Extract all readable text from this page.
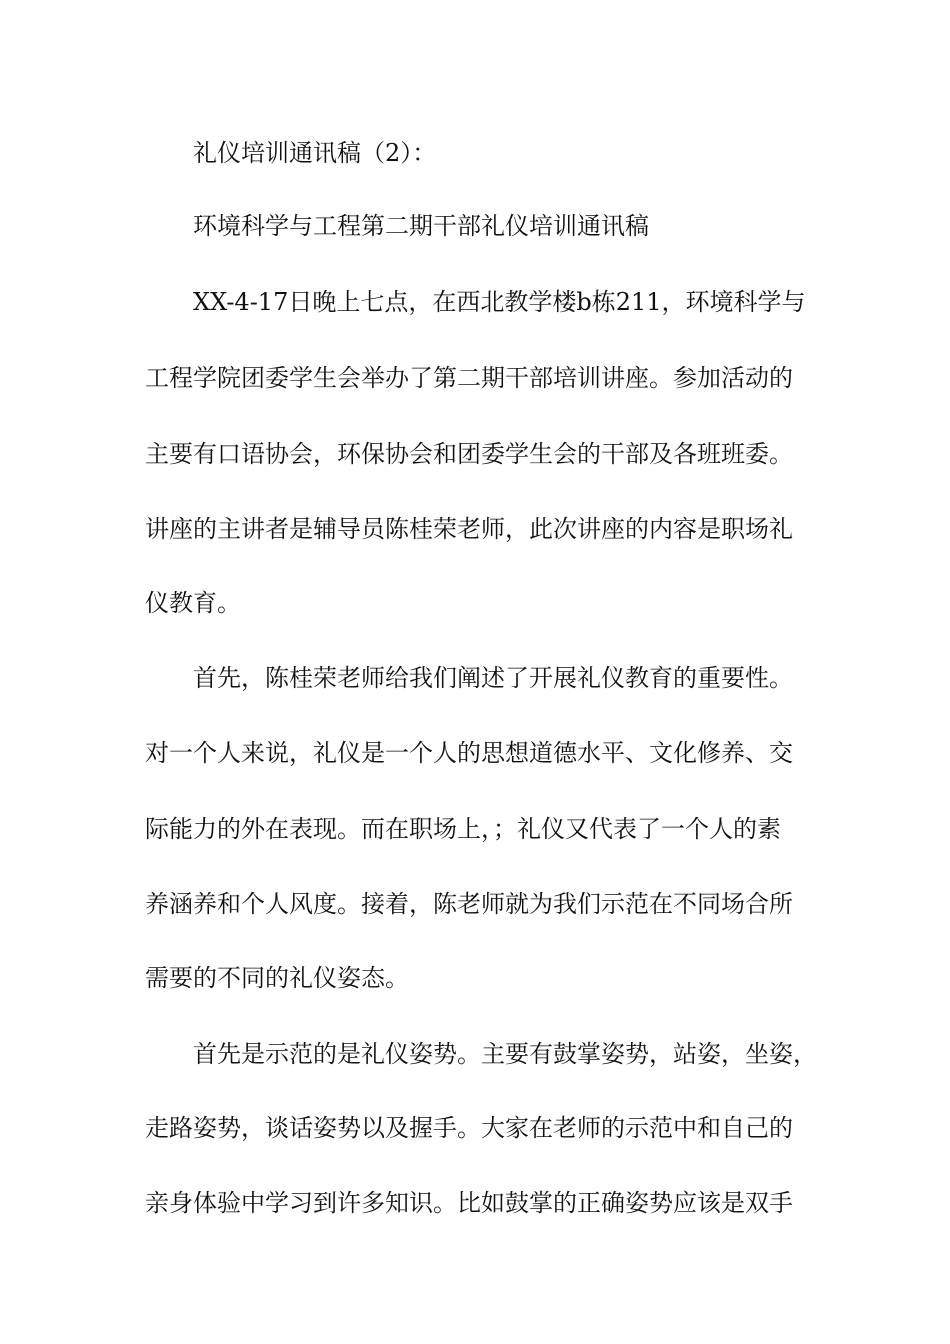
礼仪培训通讯稿（2）：
环境科学与工程第二期干部礼仪培训通讯稿
XX-4-17日晚上七点，在西北教学楼b栋211，环境科学与
工程学院团委学生会举办了第二期干部培训讲座。参加活动的
主要有口语协会，环保协会和团委学生会的干部及各班班委。
讲座的主讲者是辅导员陈桂荣老师，此次讲座的内容是职场礼
仪教育。
首先，陈桂荣老师给我们阐述了开展礼仪教育的重要性。
对一个人来说，礼仪是一个人的思想道德水平、文化修养、交
际能力的外在表现。而在职场上，；礼仪又代表了一个人的素
养涵养和个人风度。接着，陈老师就为我们示范在不同场合所
需要的不同的礼仪姿态。
首先是示范的是礼仪姿势。主要有鼓掌姿势，站姿，坐姿，
走路姿势，谈话姿势以及握手。大家在老师的示范中和自己的
亲身体验中学习到许多知识。比如鼓掌的正确姿势应该是双手
